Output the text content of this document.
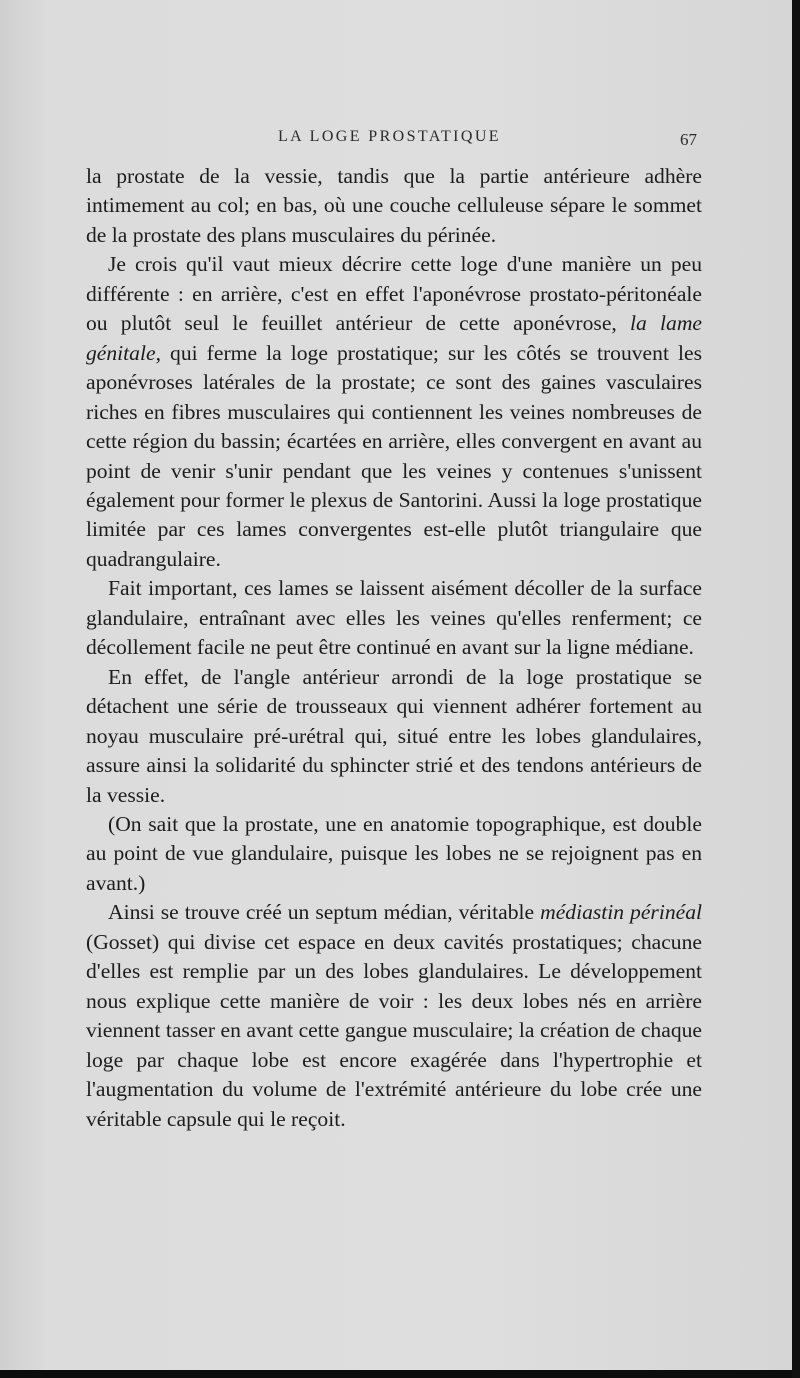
LA LOGE PROSTATIQUE	67

la prostate de la vessie, tandis que la partie antérieure adhère intimement au col; en bas, où une couche celluleuse sépare le sommet de la prostate des plans musculaires du périnée.

Je crois qu'il vaut mieux décrire cette loge d'une manière un peu différente : en arrière, c'est en effet l'aponévrose prostato-péritonéale ou plutôt seul le feuillet antérieur de cette aponévrose, la lame génitale, qui ferme la loge prostatique; sur les côtés se trouvent les aponévroses latérales de la prostate; ce sont des gaines vasculaires riches en fibres musculaires qui contiennent les veines nombreuses de cette région du bassin; écartées en arrière, elles convergent en avant au point de venir s'unir pendant que les veines y contenues s'unissent également pour former le plexus de Santorini. Aussi la loge prostatique limitée par ces lames convergentes est-elle plutôt triangulaire que quadrangulaire.

Fait important, ces lames se laissent aisément décoller de la surface glandulaire, entraînant avec elles les veines qu'elles renferment; ce décollement facile ne peut être continué en avant sur la ligne médiane.

En effet, de l'angle antérieur arrondi de la loge prostatique se détachent une série de trousseaux qui viennent adhérer fortement au noyau musculaire pré-urétral qui, situé entre les lobes glandulaires, assure ainsi la solidarité du sphincter strié et des tendons antérieurs de la vessie.

(On sait que la prostate, une en anatomie topographique, est double au point de vue glandulaire, puisque les lobes ne se rejoignent pas en avant.)

Ainsi se trouve créé un septum médian, véritable médiastin périnéal (Gosset) qui divise cet espace en deux cavités prostatiques; chacune d'elles est remplie par un des lobes glandulaires. Le développement nous explique cette manière de voir : les deux lobes nés en arrière viennent tasser en avant cette gangue musculaire; la création de chaque loge par chaque lobe est encore exagérée dans l'hypertrophie et l'augmentation du volume de l'extrémité antérieure du lobe crée une véritable capsule qui le reçoit.
